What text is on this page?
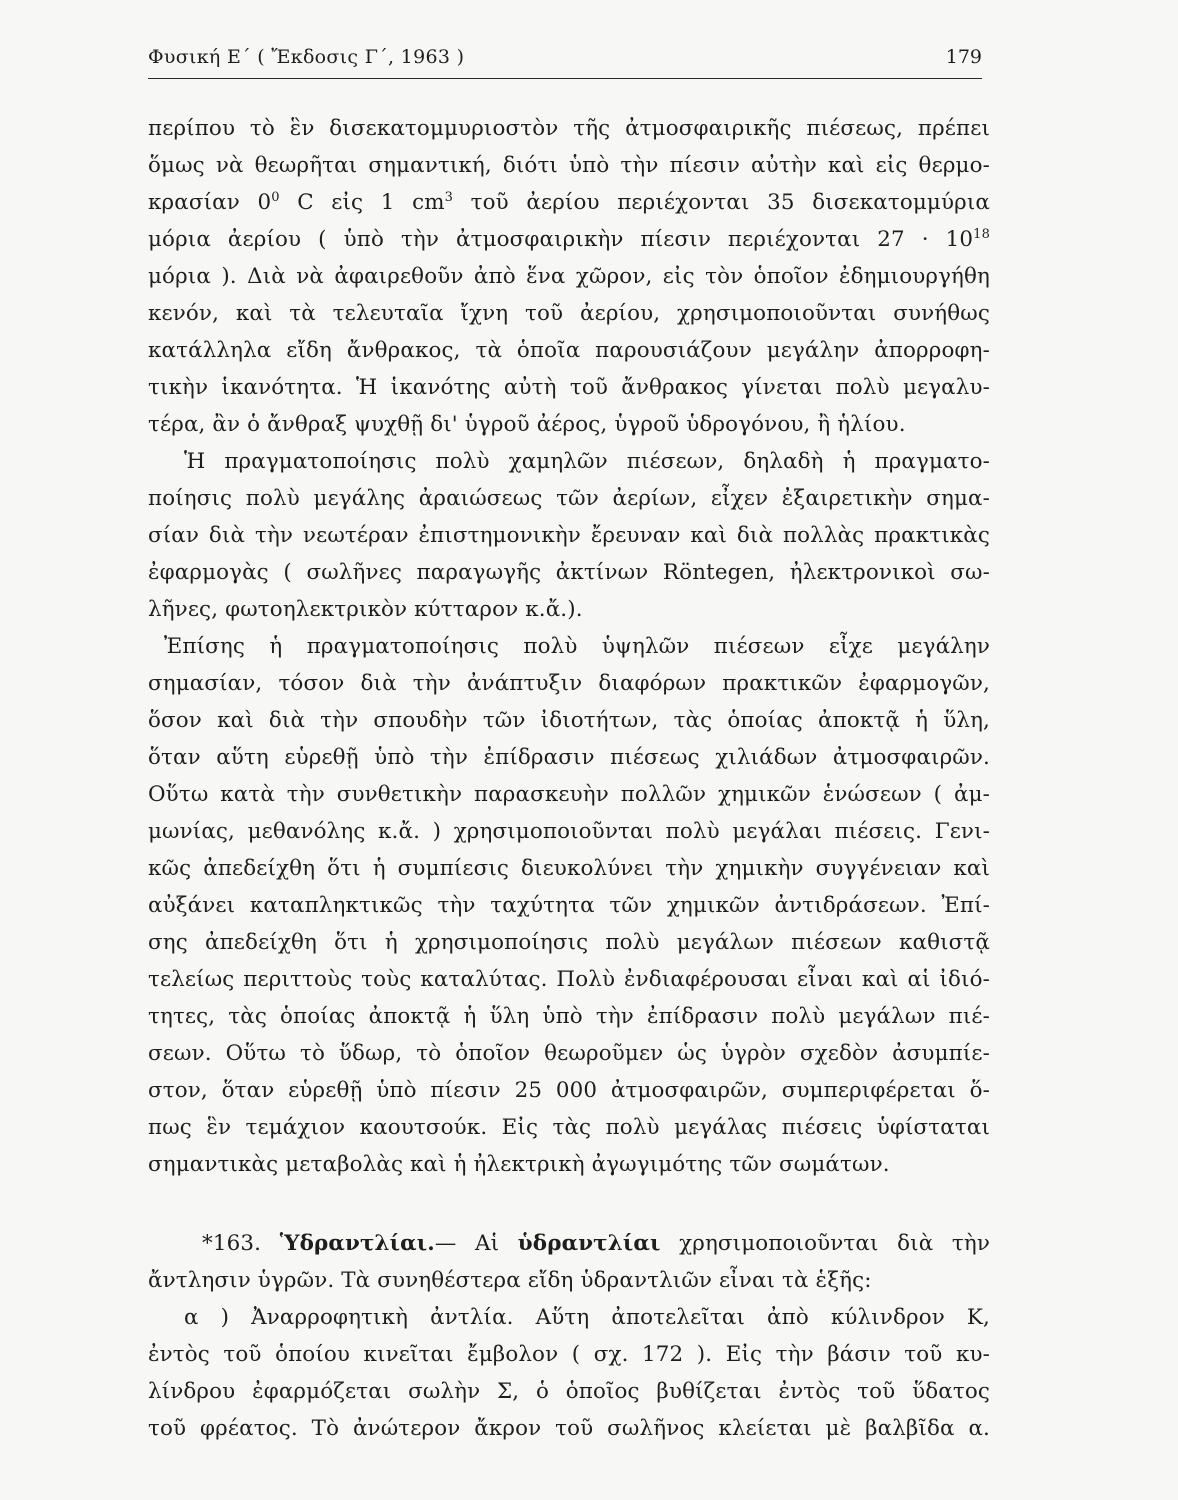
Φυσική Ε΄ ( Ἔκδοσις Γ΄, 1963 )	179
περίπου τὸ ἓν δισεκατομμυριοστὸν τῆς ἀτμοσφαιρικῆς πιέσεως, πρέπει
ὅμως νὰ θεωρῆται σημαντική, διότι ὑπὸ τὴν πίεσιν αὐτὴν καὶ εἰς θερμο-
κρασίαν $0^0$ C εἰς 1 $cm^3$ τοῦ ἀερίου περιέχονται 35 δισεκατομμύρια
μόρια ἀερίου ( ὑπὸ τὴν ἀτμοσφαιρικὴν πίεσιν περιέχονται $27 \cdot 10^{18}$
μόρια ). Διὰ νὰ ἀφαιρεθοῦν ἀπὸ ἕνα χῶρον, εἰς τὸν ὁποῖον ἐδημιουργήθη
κενόν, καὶ τὰ τελευταῖα ἴχνη τοῦ ἀερίου, χρησιμοποιοῦνται συνήθως
κατάλληλα εἴδη ἄνθρακος, τὰ ὁποῖα παρουσιάζουν μεγάλην ἀπορροφη-
τικὴν ἱκανότητα. Ἡ ἱκανότης αὐτὴ τοῦ ἄνθρακος γίνεται πολὺ μεγαλυ-
τέρα, ἂν ὁ ἄνθραξ ψυχθῇ δι' ὑγροῦ ἀέρος, ὑγροῦ ὑδρογόνου, ἢ ἡλίου.
Ἡ πραγματοποίησις πολὺ χαμηλῶν πιέσεων, δηλαδὴ ἡ πραγματο-
ποίησις πολὺ μεγάλης ἀραιώσεως τῶν ἀερίων, εἶχεν ἐξαιρετικὴν σημα-
σίαν διὰ τὴν νεωτέραν ἐπιστημονικὴν ἔρευναν καὶ διὰ πολλὰς πρακτικὰς
ἐφαρμογὰς ( σωλῆνες παραγωγῆς ἀκτίνων Röntegen, ἠλεκτρονικοὶ σω-
λῆνες, φωτοηλεκτρικὸν κύτταρον κ.ἄ.).
Ἐπίσης ἡ πραγματοποίησις πολὺ ὑψηλῶν πιέσεων εἶχε μεγάλην
σημασίαν, τόσον διὰ τὴν ἀνάπτυξιν διαφόρων πρακτικῶν ἐφαρμογῶν,
ὅσον καὶ διὰ τὴν σπουδὴν τῶν ἰδιοτήτων, τὰς ὁποίας ἀποκτᾷ ἡ ὕλη,
ὅταν αὕτη εὑρεθῇ ὑπὸ τὴν ἐπίδρασιν πιέσεως χιλιάδων ἀτμοσφαιρῶν.
Οὕτω κατὰ τὴν συνθετικὴν παρασκευὴν πολλῶν χημικῶν ἑνώσεων ( ἀμ-
μωνίας, μεθανόλης κ.ἄ. ) χρησιμοποιοῦνται πολὺ μεγάλαι πιέσεις. Γενι-
κῶς ἀπεδείχθη ὅτι ἡ συμπίεσις διευκολύνει τὴν χημικὴν συγγένειαν καὶ
αὐξάνει καταπληκτικῶς τὴν ταχύτητα τῶν χημικῶν ἀντιδράσεων. Ἐπί-
σης ἀπεδείχθη ὅτι ἡ χρησιμοποίησις πολὺ μεγάλων πιέσεων καθιστᾷ
τελείως περιττοὺς τοὺς καταλύτας. Πολὺ ἐνδιαφέρουσαι εἶναι καὶ αἱ ἰδιό-
τητες, τὰς ὁποίας ἀποκτᾷ ἡ ὕλη ὑπὸ τὴν ἐπίδρασιν πολὺ μεγάλων πιέ-
σεων. Οὕτω τὸ ὕδωρ, τὸ ὁποῖον θεωροῦμεν ὡς ὑγρὸν σχεδὸν ἀσυμπίε-
στον, ὅταν εὑρεθῇ ὑπὸ πίεσιν 25 000 ἀτμοσφαιρῶν, συμπεριφέρεται ὅ-
πως ἓν τεμάχιον καουτσούκ. Εἰς τὰς πολὺ μεγάλας πιέσεις ὑφίσταται
σημαντικὰς μεταβολὰς καὶ ἡ ἠλεκτρικὴ ἀγωγιμότης τῶν σωμάτων.
*163. Ὑδραντλίαι.— Αἱ ὑδραντλίαι χρησιμοποιοῦνται διὰ τὴν
ἄντλησιν ὑγρῶν. Τὰ συνηθέστερα εἴδη ὑδραντλιῶν εἶναι τὰ ἑξῆς:
α ) Ἀναρροφητικὴ ἀντλία. Αὕτη ἀποτελεῖται ἀπὸ κύλινδρον Κ,
ἐντὸς τοῦ ὁποίου κινεῖται ἔμβολον ( σχ. 172 ). Εἰς τὴν βάσιν τοῦ κυ-
λίνδρου ἐφαρμόζεται σωλὴν Σ, ὁ ὁποῖος βυθίζεται ἐντὸς τοῦ ὕδατος
τοῦ φρέατος. Τὸ ἀνώτερον ἄκρον τοῦ σωλῆνος κλείεται μὲ βαλβῖδα α.
